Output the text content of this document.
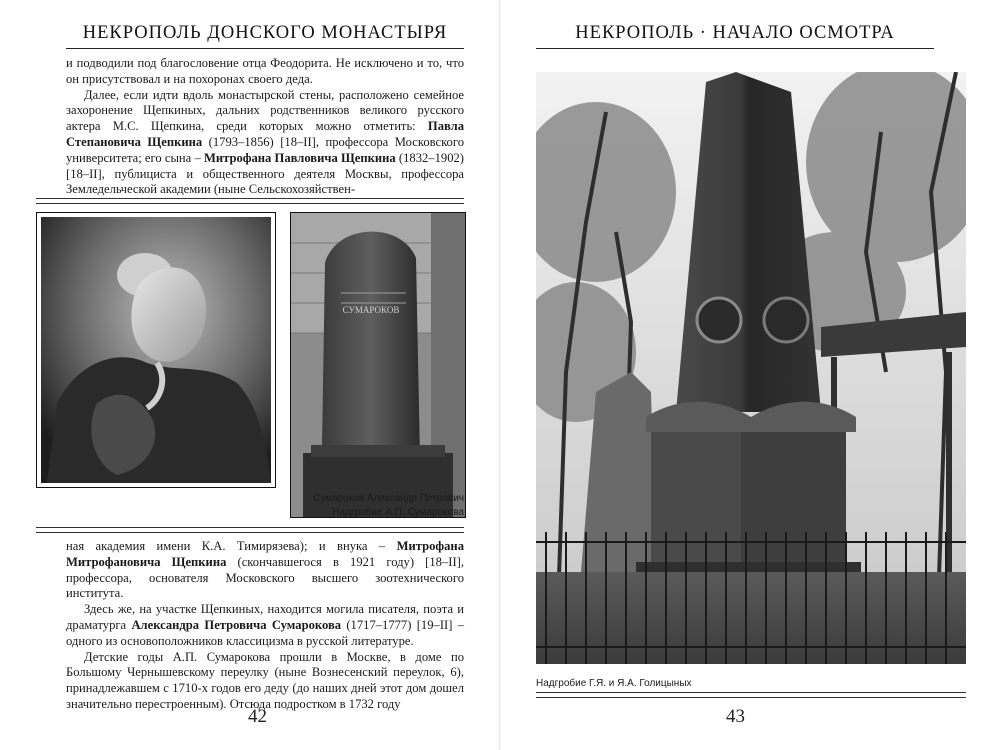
НЕКРОПОЛЬ ДОНСКОГО МОНАСТЫРЯ

и подводили под благословение отца Феодорита. Не исключено и то, что он присутствовал и на похоронах своего деда.

Далее, если идти вдоль монастырской стены, расположено семейное захоронение Щепкиных, дальних родственников великого русского актера М.С. Щепкина, среди которых можно отметить: Павла Степановича Щепкина (1793–1856) [18–II], профессора Московского университета; его сына – Митрофана Павловича Щепкина (1832–1902) [18–II], публициста и общественного деятеля Москвы, профессора Земледельческой академии (ныне Сельскохозяйствен-

СУМАРОКОВ
Сумароков Александр Петрович
Надгробие А.П. Сумарокова

ная академия имени К.А. Тимирязева); и внука – Митрофана Митрофановича Щепкина (скончавшегося в 1921 году) [18–II], профессора, основателя Московского высшего зоотехнического института.

Здесь же, на участке Щепкиных, находится могила писателя, поэта и драматурга Александра Петровича Сумарокова (1717–1777) [19–II] – одного из основоположников классицизма в русской литературе.

Детские годы А.П. Сумарокова прошли в Москве, в доме по Большому Чернышевскому переулку (ныне Вознесенский переулок, 6), принадлежавшем с 1710-х годов его деду (до наших дней этот дом дошел значительно перестроенным). Отсюда подростком в 1732 году

42
НЕКРОПОЛЬ · НАЧАЛО ОСМОТРА
Надгробие Г.Я. и Я.А. Голицыных
43
